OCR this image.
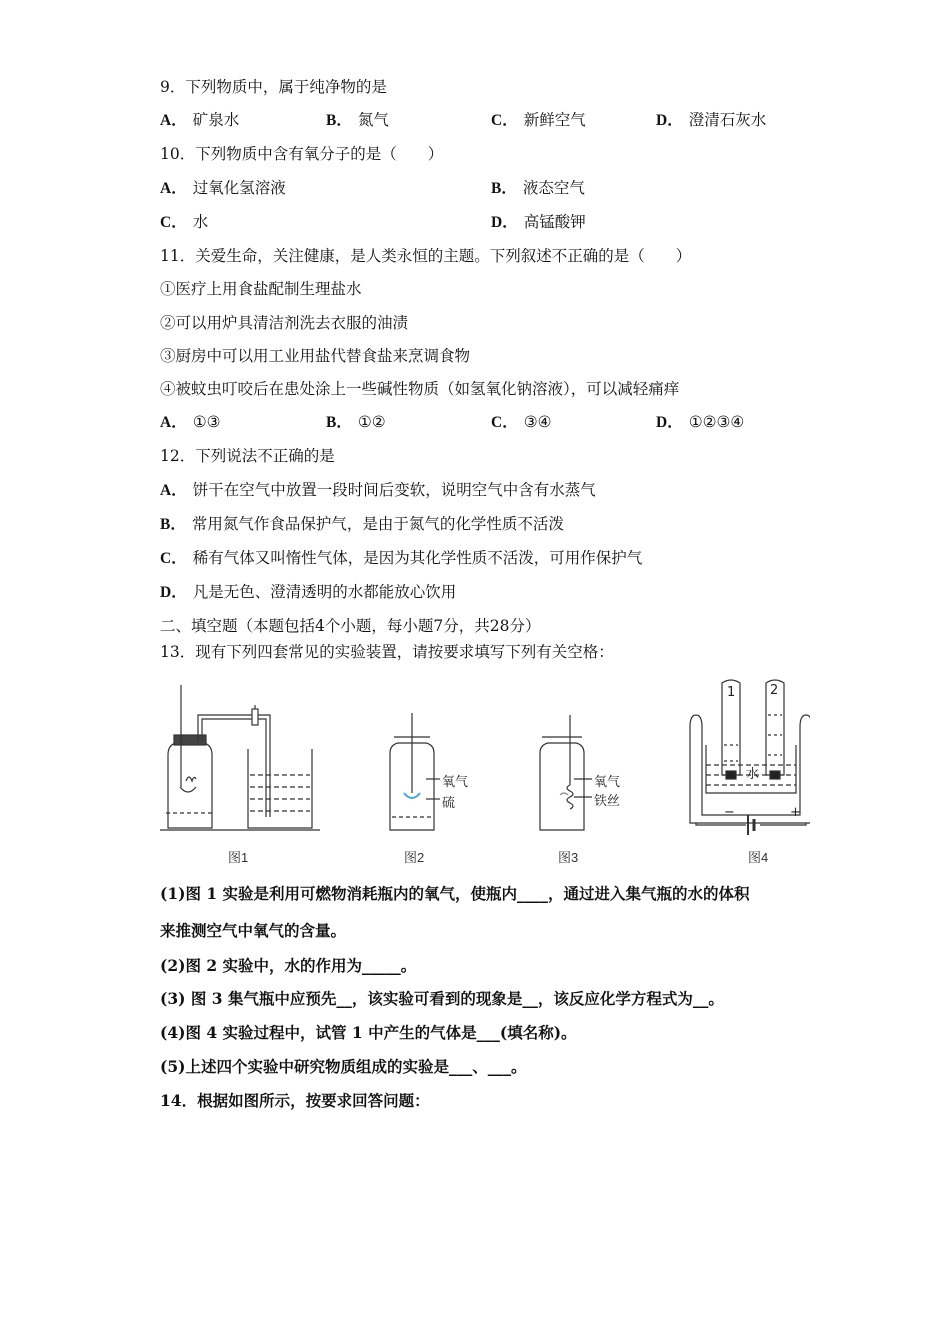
9．下列物质中，属于纯净物的是
A． 矿泉水	B． 氮气	C． 新鲜空气	D． 澄清石灰水
10．下列物质中含有氧分子的是（　　）
A． 过氧化氢溶液	B． 液态空气
C． 水	D． 高锰酸钾
11．关爱生命，关注健康，是人类永恒的主题。下列叙述不正确的是（　　）
①医疗上用食盐配制生理盐水
②可以用炉具清洁剂洗去衣服的油渍
③厨房中可以用工业用盐代替食盐来烹调食物
④被蚊虫叮咬后在患处涂上一些碱性物质（如氢氧化钠溶液），可以减轻痛痒
A． ①③	B． ①②	C． ③④	D． ①②③④
12．下列说法不正确的是
A． 饼干在空气中放置一段时间后变软，说明空气中含有水蒸气
B． 常用氮气作食品保护气，是由于氮气的化学性质不活泼
C． 稀有气体又叫惰性气体，是因为其化学性质不活泼，可用作保护气
D． 凡是无色、澄清透明的水都能放心饮用
二、填空题（本题包括4个小题，每小题7分，共28分）
13．现有下列四套常见的实验装置，请按要求填写下列有关空格：
氧气
硫
氧气
铁丝
1	2
水
−	+
图1	图2	图3	图4
(1)图 1 实验是利用可燃物消耗瓶内的氧气，使瓶内____，通过进入集气瓶的水的体积
来推测空气中氧气的含量。
(2)图 2 实验中，水的作用为_____。
(3) 图 3 集气瓶中应预先__，该实验可看到的现象是__，该反应化学方程式为__。
(4)图 4 实验过程中，试管 1 中产生的气体是___(填名称)。
(5)上述四个实验中研究物质组成的实验是___、___。
14．根据如图所示，按要求回答问题：
